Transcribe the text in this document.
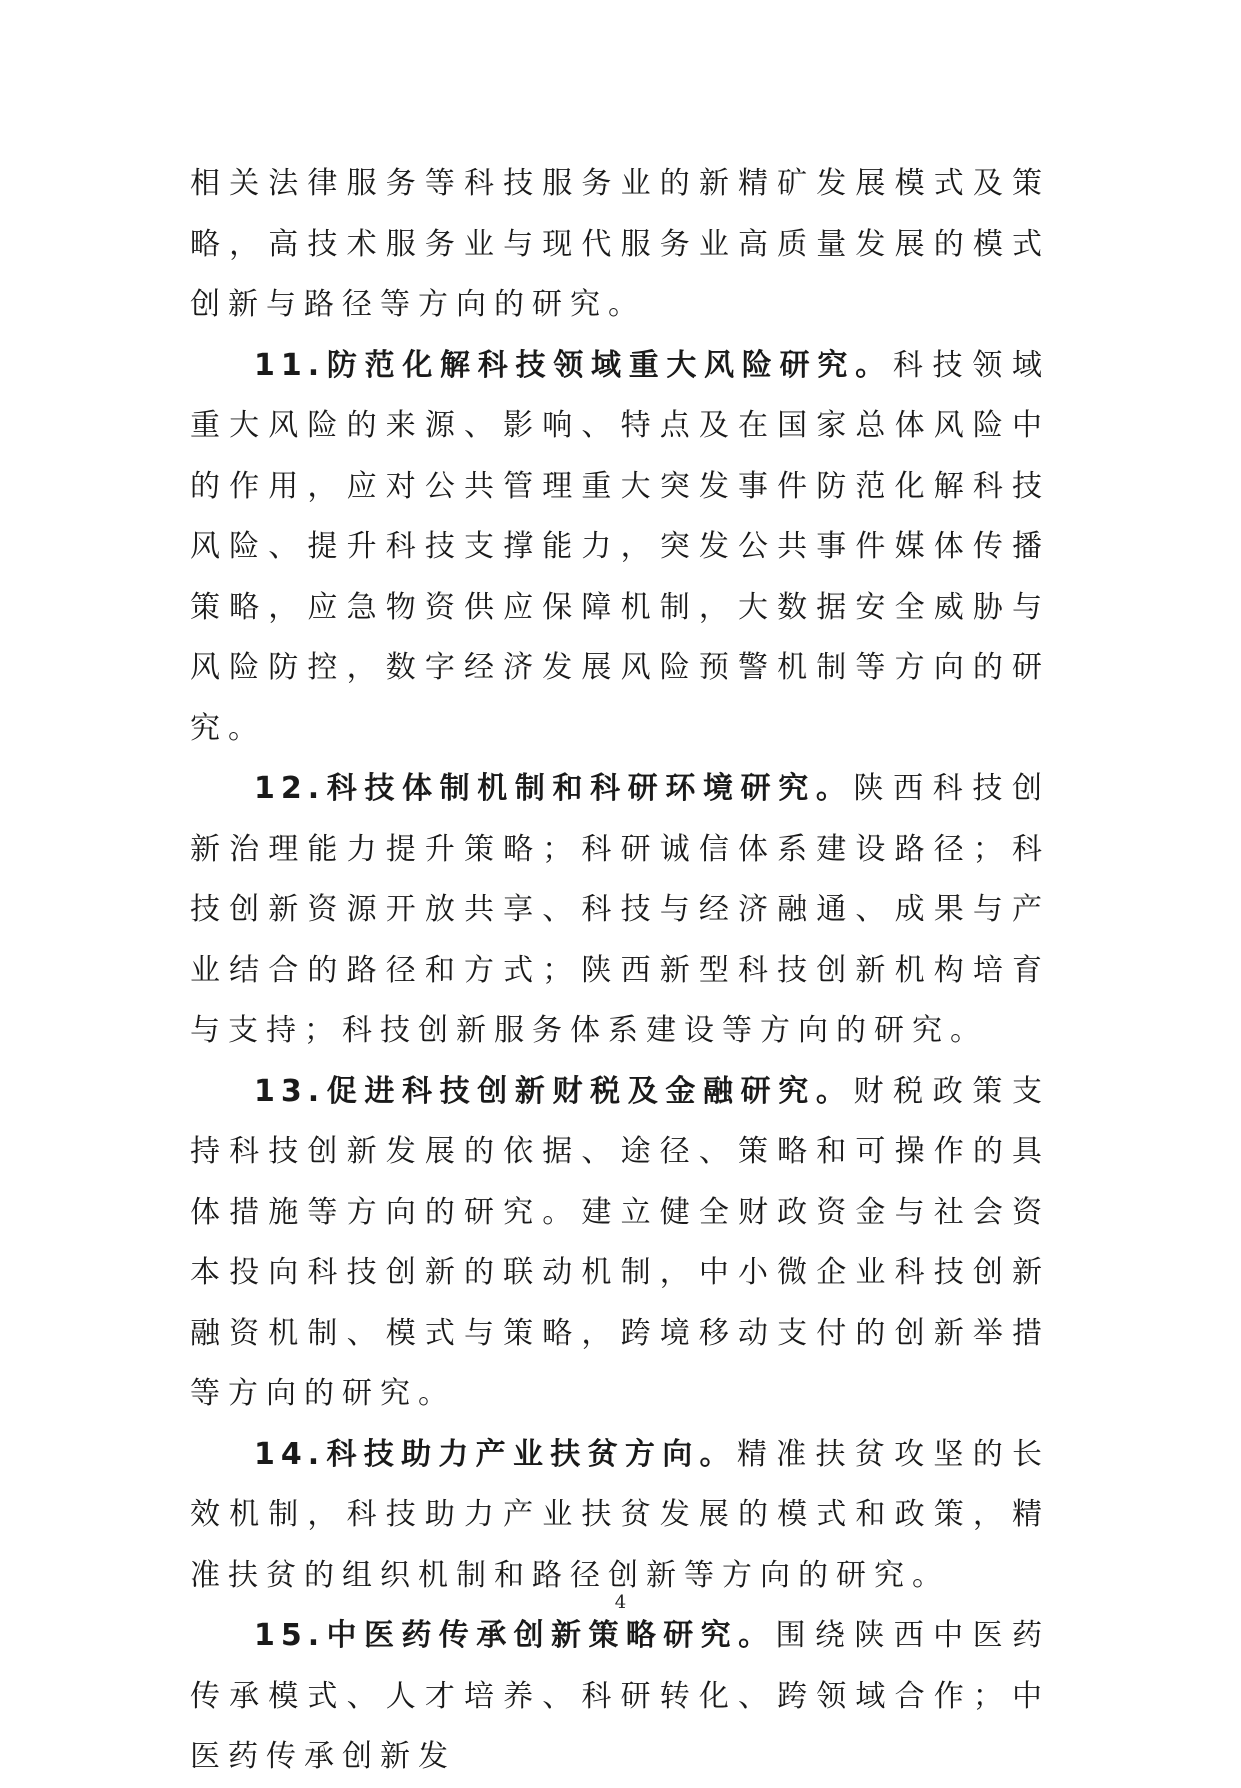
相关法律服务等科技服务业的新精矿发展模式及策略，高技术服务业与现代服务业高质量发展的模式创新与路径等方向的研究。

11.防范化解科技领域重大风险研究。科技领域重大风险的来源、影响、特点及在国家总体风险中的作用，应对公共管理重大突发事件防范化解科技风险、提升科技支撑能力，突发公共事件媒体传播策略，应急物资供应保障机制，大数据安全威胁与风险防控，数字经济发展风险预警机制等方向的研究。

12.科技体制机制和科研环境研究。陕西科技创新治理能力提升策略；科研诚信体系建设路径；科技创新资源开放共享、科技与经济融通、成果与产业结合的路径和方式；陕西新型科技创新机构培育与支持；科技创新服务体系建设等方向的研究。

13.促进科技创新财税及金融研究。财税政策支持科技创新发展的依据、途径、策略和可操作的具体措施等方向的研究。建立健全财政资金与社会资本投向科技创新的联动机制，中小微企业科技创新融资机制、模式与策略，跨境移动支付的创新举措等方向的研究。

14.科技助力产业扶贫方向。精准扶贫攻坚的长效机制，科技助力产业扶贫发展的模式和政策，精准扶贫的组织机制和路径创新等方向的研究。

15.中医药传承创新策略研究。围绕陕西中医药传承模式、人才培养、科研转化、跨领域合作；中医药传承创新发

4
